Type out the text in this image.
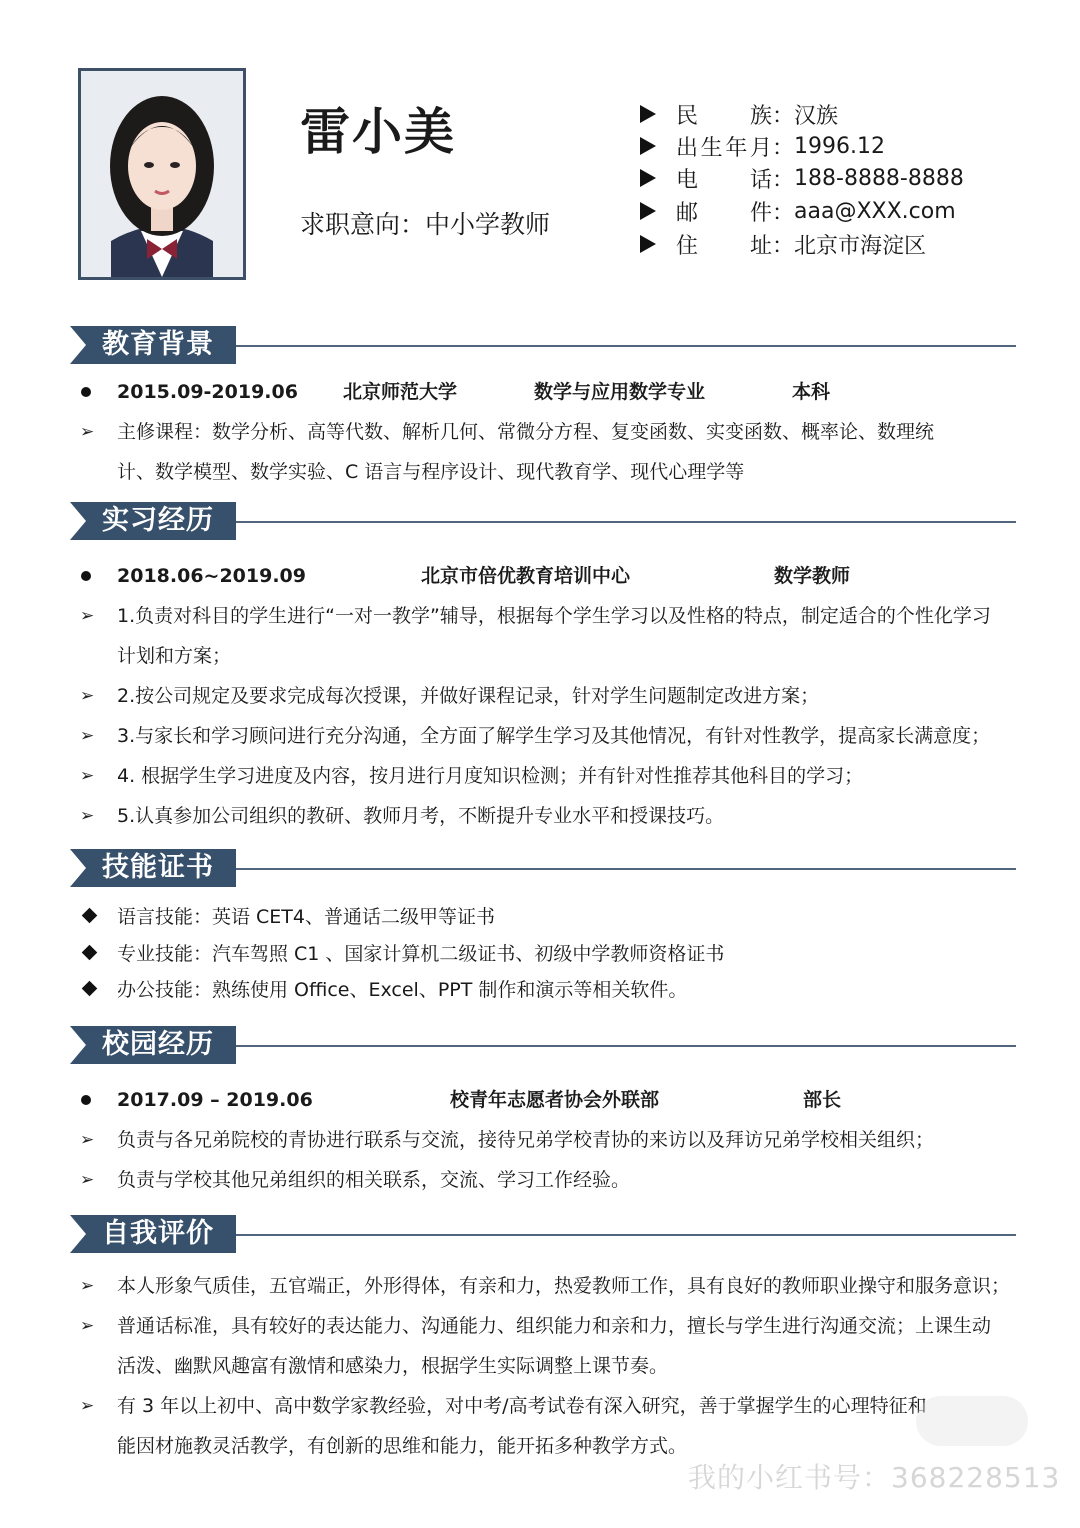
雷小美
求职意向：中小学教师
民族 ： 汉族
出生年月 ： 1996.12
电话 ： 188-8888-8888
邮件 ： aaa@XXX.com
住址 ： 北京市海淀区
教育背景
2015.09-2019.06 北京师范大学	数学与应用数学专业	本科
➢ 主修课程：数学分析、高等代数、解析几何、常微分方程、复变函数、实变函数、概率论、数理统
计、数学模型、数学实验、C 语言与程序设计、现代教育学、现代心理学等
实习经历
2018.06~2019.09	北京市倍优教育培训中心	数学教师
➢ 1.负责对科目的学生进行“一对一教学”辅导，根据每个学生学习以及性格的特点，制定适合的个性化学习
计划和方案；
➢ 2.按公司规定及要求完成每次授课，并做好课程记录，针对学生问题制定改进方案；
➢ 3.与家长和学习顾问进行充分沟通，全方面了解学生学习及其他情况，有针对性教学，提高家长满意度；
➢ 4. 根据学生学习进度及内容，按月进行月度知识检测；并有针对性推荐其他科目的学习；
➢ 5.认真参加公司组织的教研、教师月考，不断提升专业水平和授课技巧。
技能证书
语言技能：英语 CET4、普通话二级甲等证书
专业技能：汽车驾照 C1 、国家计算机二级证书、初级中学教师资格证书
办公技能：熟练使用 Office、Excel、PPT 制作和演示等相关软件。
校园经历
2017.09 – 2019.06	校青年志愿者协会外联部	部长
➢ 负责与各兄弟院校的青协进行联系与交流，接待兄弟学校青协的来访以及拜访兄弟学校相关组织；
➢ 负责与学校其他兄弟组织的相关联系，交流、学习工作经验。
自我评价
➢ 本人形象气质佳，五官端正，外形得体，有亲和力，热爱教师工作，具有良好的教师职业操守和服务意识；
➢ 普通话标准，具有较好的表达能力、沟通能力、组织能力和亲和力，擅长与学生进行沟通交流；上课生动
活泼、幽默风趣富有激情和感染力，根据学生实际调整上课节奏。
➢ 有 3 年以上初中、高中数学家教经验，对中考/高考试卷有深入研究，善于掌握学生的心理特征和
能因材施教灵活教学，有创新的思维和能力，能开拓多种教学方式。
我的小红书号：368228513
